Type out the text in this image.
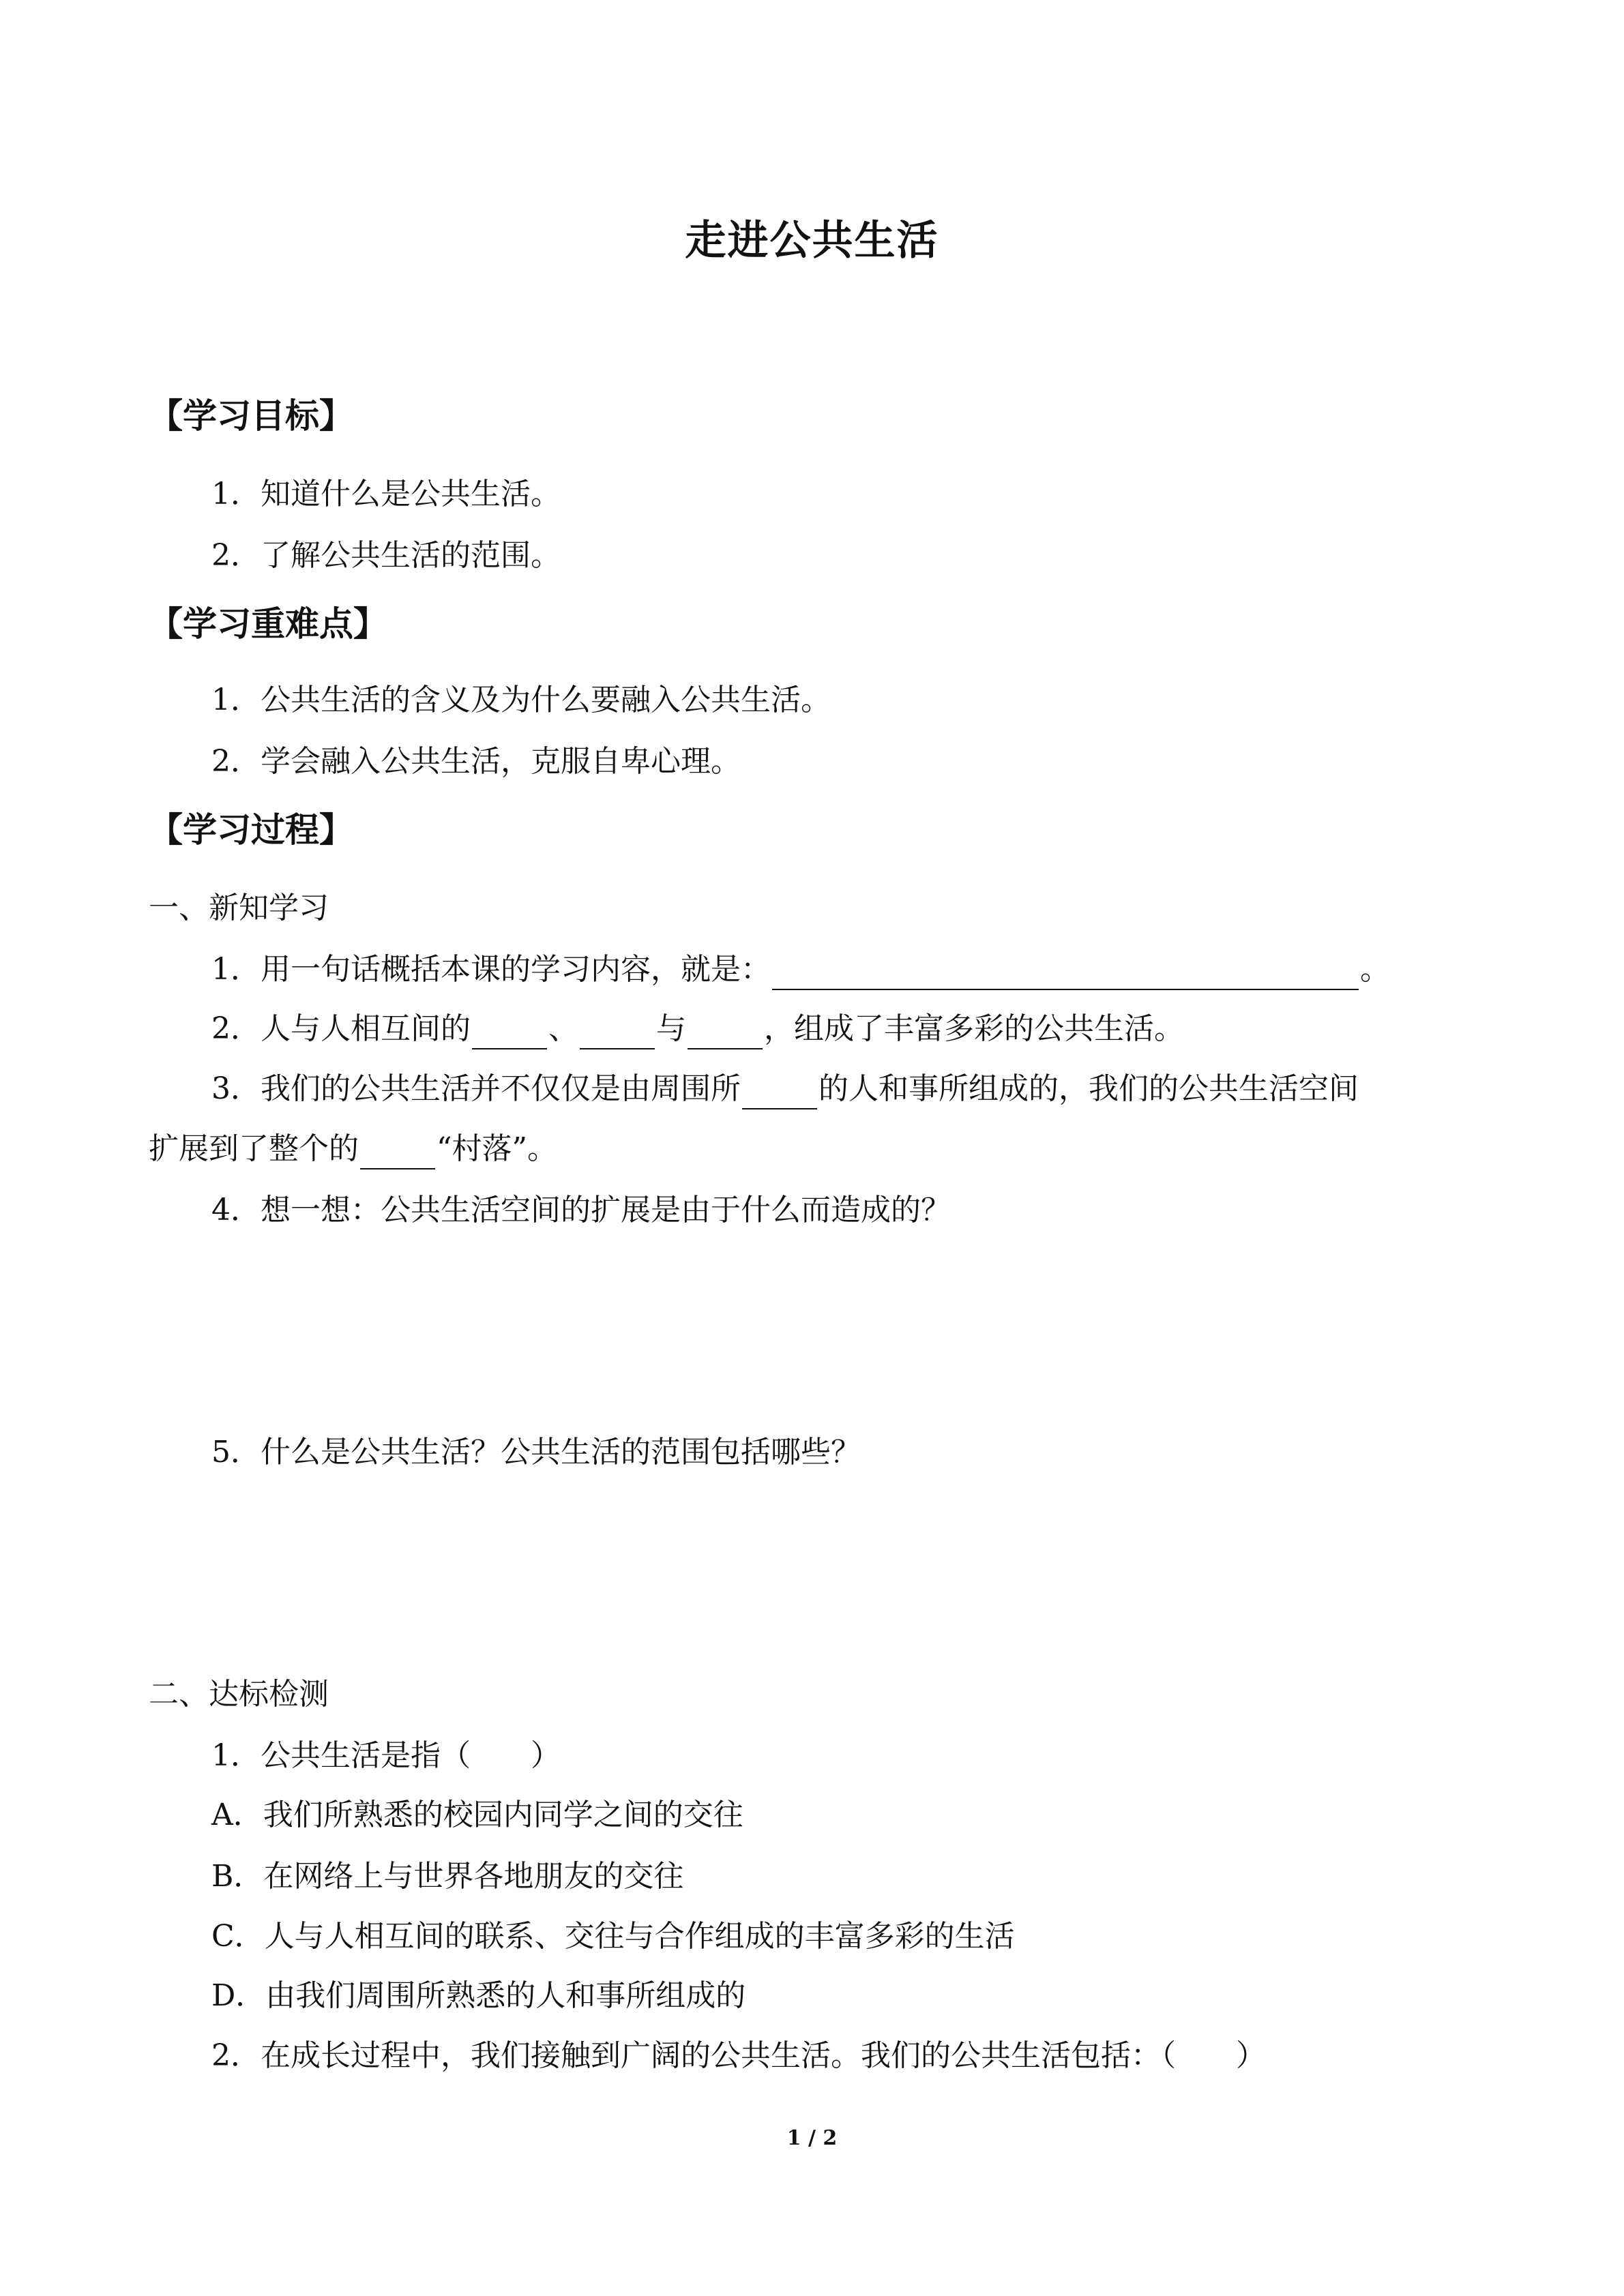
走进公共生活
【学习目标】
1．知道什么是公共生活。
2．了解公共生活的范围。
【学习重难点】
1．公共生活的含义及为什么要融入公共生活。
2．学会融入公共生活，克服自卑心理。
【学习过程】
一、新知学习
1．用一句话概括本课的学习内容，就是：	。
2．人与人相互间的	、	与	，组成了丰富多彩的公共生活。
3．我们的公共生活并不仅仅是由周围所	的人和事所组成的，我们的公共生活空间
扩展到了整个的	“村落”。
4．想一想：公共生活空间的扩展是由于什么而造成的？
5．什么是公共生活？公共生活的范围包括哪些？
二、达标检测
1．公共生活是指（　　）
A．我们所熟悉的校园内同学之间的交往
B．在网络上与世界各地朋友的交往
C．人与人相互间的联系、交往与合作组成的丰富多彩的生活
D．由我们周围所熟悉的人和事所组成的
2．在成长过程中，我们接触到广阔的公共生活。我们的公共生活包括：（　　）
1 / 2
